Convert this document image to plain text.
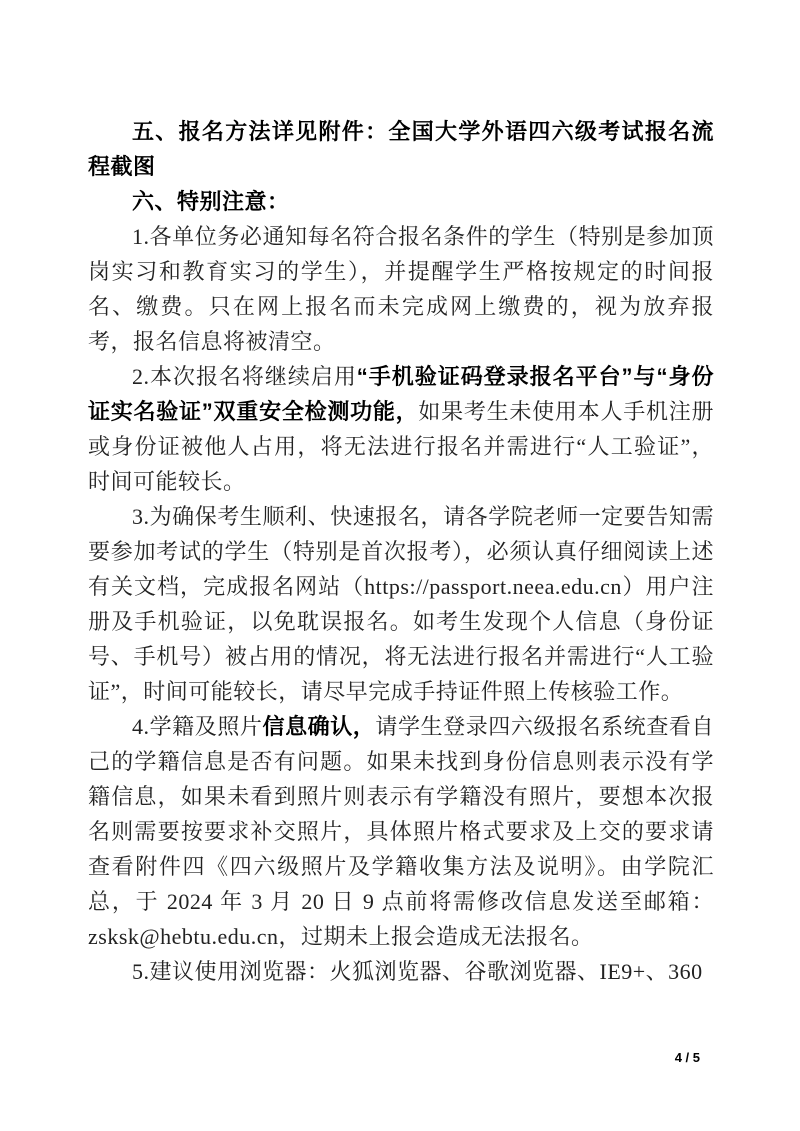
五、报名方法详见附件：全国大学外语四六级考试报名流程截图

六、特别注意：

1.各单位务必通知每名符合报名条件的学生（特别是参加顶岗实习和教育实习的学生），并提醒学生严格按规定的时间报名、缴费。只在网上报名而未完成网上缴费的，视为放弃报考，报名信息将被清空。

2.本次报名将继续启用“手机验证码登录报名平台”与“身份证实名验证”双重安全检测功能，如果考生未使用本人手机注册或身份证被他人占用，将无法进行报名并需进行“人工验证”，时间可能较长。

3.为确保考生顺利、快速报名，请各学院老师一定要告知需要参加考试的学生（特别是首次报考），必须认真仔细阅读上述有关文档，完成报名网站（https://passport.neea.edu.cn）用户注册及手机验证，以免耽误报名。如考生发现个人信息（身份证号、手机号）被占用的情况，将无法进行报名并需进行“人工验证”，时间可能较长，请尽早完成手持证件照上传核验工作。

4.学籍及照片信息确认，请学生登录四六级报名系统查看自己的学籍信息是否有问题。如果未找到身份信息则表示没有学籍信息，如果未看到照片则表示有学籍没有照片，要想本次报名则需要按要求补交照片，具体照片格式要求及上交的要求请查看附件四《四六级照片及学籍收集方法及说明》。由学院汇总，于 2024 年 3 月 20 日 9 点前将需修改信息发送至邮箱：zsksk@hebtu.edu.cn，过期未上报会造成无法报名。

5.建议使用浏览器：火狐浏览器、谷歌浏览器、IE9+、360

4 / 5
